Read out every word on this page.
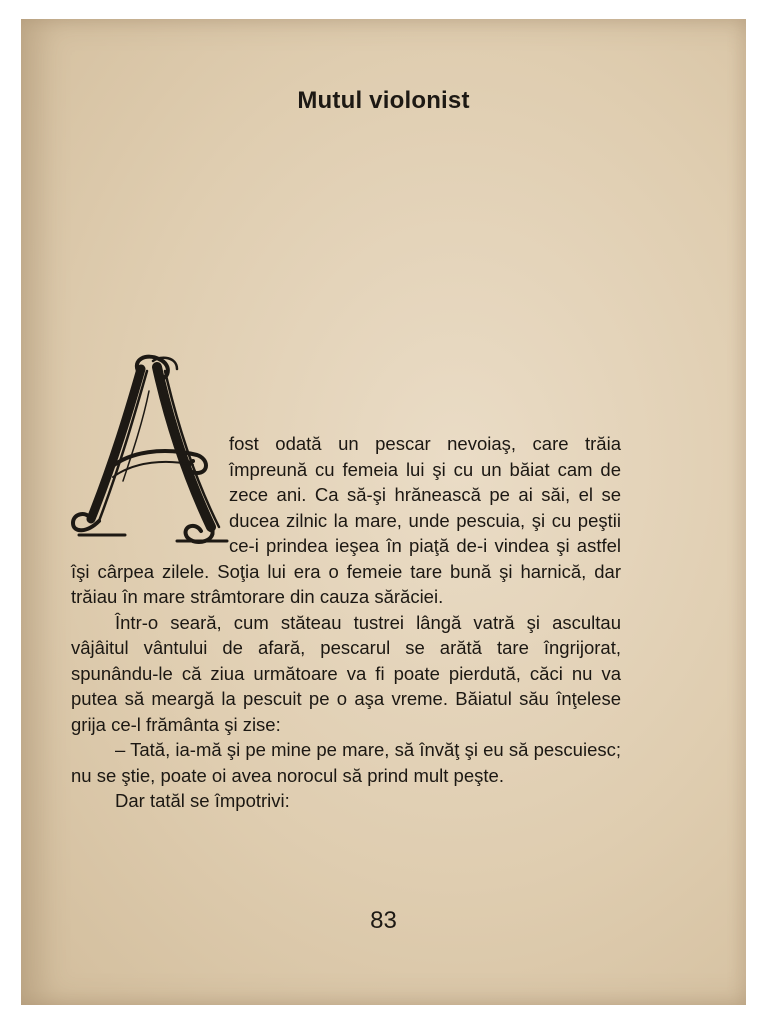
Mutul violonist

fost odată un pescar nevoiaş, care trăia împreună cu femeia lui şi cu un băiat cam de zece ani. Ca să-şi hrănească pe ai săi, el se ducea zilnic la mare, unde pescuia, şi cu peştii ce-i prindea ieşea în piaţă de-i vindea şi astfel îşi cârpea zilele. Soţia lui era o femeie tare bună şi harnică, dar trăiau în mare strâmtorare din cauza sărăciei.

Într-o seară, cum stăteau tustrei lângă vatră şi ascultau vâjâitul vântului de afară, pescarul se arătă tare îngrijorat, spunându-le că ziua următoare va fi poate pierdută, căci nu va putea să meargă la pescuit pe o aşa vreme. Băiatul său înţelese grija ce-l frământa şi zise:

– Tată, ia-mă şi pe mine pe mare, să învăţ şi eu să pescuiesc; nu se ştie, poate oi avea norocul să prind mult peşte.

Dar tatăl se împotrivi:

83
